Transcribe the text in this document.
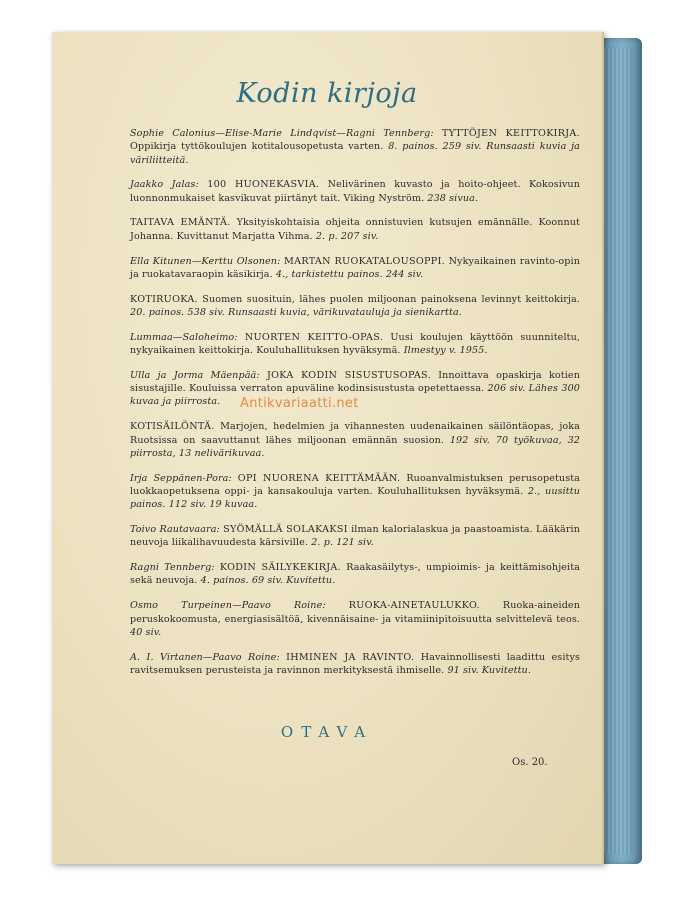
Kodin kirjoja
Sophie Calonius—Elise-Marie Lindqvist—Ragni Tennberg: TYTTÖJEN KEITTOKIRJA. Oppikirja tyttökoulujen kotitalousopetusta varten. 8. painos. 259 siv. Runsaasti kuvia ja väriliitteitä.
Jaakko Jalas: 100 HUONEKASVIA. Nelivärinen kuvasto ja hoito-ohjeet. Kokosivun luonnonmukaiset kasvikuvat piirtänyt tait. Viking Nyström. 238 sivua.
TAITAVA EMÄNTÄ. Yksityiskohtaisia ohjeita onnistuvien kutsujen emännälle. Koonnut Johanna. Kuvittanut Marjatta Vihma. 2. p. 207 siv.
Ella Kitunen—Kerttu Olsonen: MARTAN RUOKATALOUSOPPI. Nykyaikainen ravinto-opin ja ruokatavaraopin käsikirja. 4., tarkistettu painos. 244 siv.
KOTIRUOKA. Suomen suosituin, lähes puolen miljoonan painoksena levinnyt keittokirja. 20. painos. 538 siv. Runsaasti kuvia, värikuvatauluja ja sienikartta.
Lummaa—Saloheimo: NUORTEN KEITTO-OPAS. Uusi koulujen käyttöön suunniteltu, nykyaikainen keittokirja. Kouluhallituksen hyväksymä. Ilmestyy v. 1955.
Ulla ja Jorma Mäenpää: JOKA KODIN SISUSTUSOPAS. Innoittava opaskirja kotien sisustajille. Kouluissa verraton apuväline kodinsisustusta opetettaessa. 206 siv. Lähes 300 kuvaa ja piirrosta.
KOTISÄILÖNTÄ. Marjojen, hedelmien ja vihannesten uudenaikainen säilöntäopas, joka Ruotsissa on saavuttanut lähes miljoonan emännän suosion. 192 siv. 70 työkuvaa, 32 piirrosta, 13 nelivärikuvaa.
Irja Seppänen-Pora: OPI NUORENA KEITTÄMÄÄN. Ruoanvalmistuksen perusopetusta luokkaopetuksena oppi- ja kansakouluja varten. Kouluhallituksen hyväksymä. 2., uusittu painos. 112 siv. 19 kuvaa.
Toivo Rautavaara: SYÖMÄLLÄ SOLAKAKSI ilman kalorialaskua ja paastoamista. Lääkärin neuvoja liikalihavuudesta kärsiville. 2. p. 121 siv.
Ragni Tennberg: KODIN SÄILYKEKIRJA. Raakasäilytys-, umpioimis- ja keittämisohjeita sekä neuvoja. 4. painos. 69 siv. Kuvitettu.
Osmo Turpeinen—Paavo Roine: RUOKA-AINETAULUKKO. Ruoka-aineiden peruskokoomusta, energiasisältöä, kivennäisaine- ja vitamiinipitoisuutta selvittelevä teos. 40 siv.
A. I. Virtanen—Paavo Roine: IHMINEN JA RAVINTO. Havainnollisesti laadittu esitys ravitsemuksen perusteista ja ravinnon merkityksestä ihmiselle. 91 siv. Kuvitettu.
Antikvariaatti.net
OTAVA
Os. 20.
